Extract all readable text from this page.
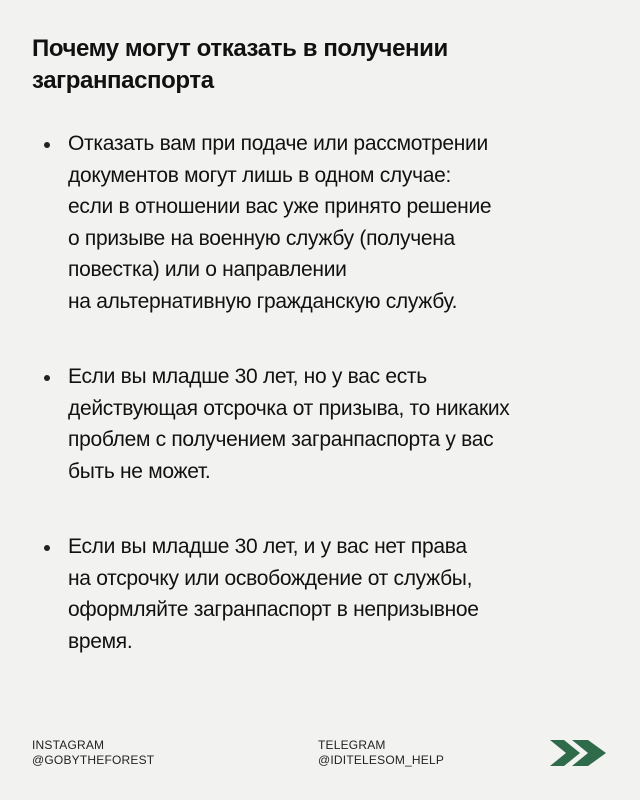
Почему могут отказать в получении
загранпаспорта
Отказать вам при подаче или рассмотрении
документов могут лишь в одном случае:
если в отношении вас уже принято решение
о призыве на военную службу (получена
повестка) или о направлении
на альтернативную гражданскую службу.
Если вы младше 30 лет, но у вас есть
действующая отсрочка от призыва, то никаких
проблем с получением загранпаспорта у вас
быть не может.
Если вы младше 30 лет, и у вас нет права
на отсрочку или освобождение от службы,
оформляйте загранпаспорт в непризывное
время.
INSTAGRAM
@GOBYTHEFOREST
TELEGRAM
@IDITELESOM_HELP
